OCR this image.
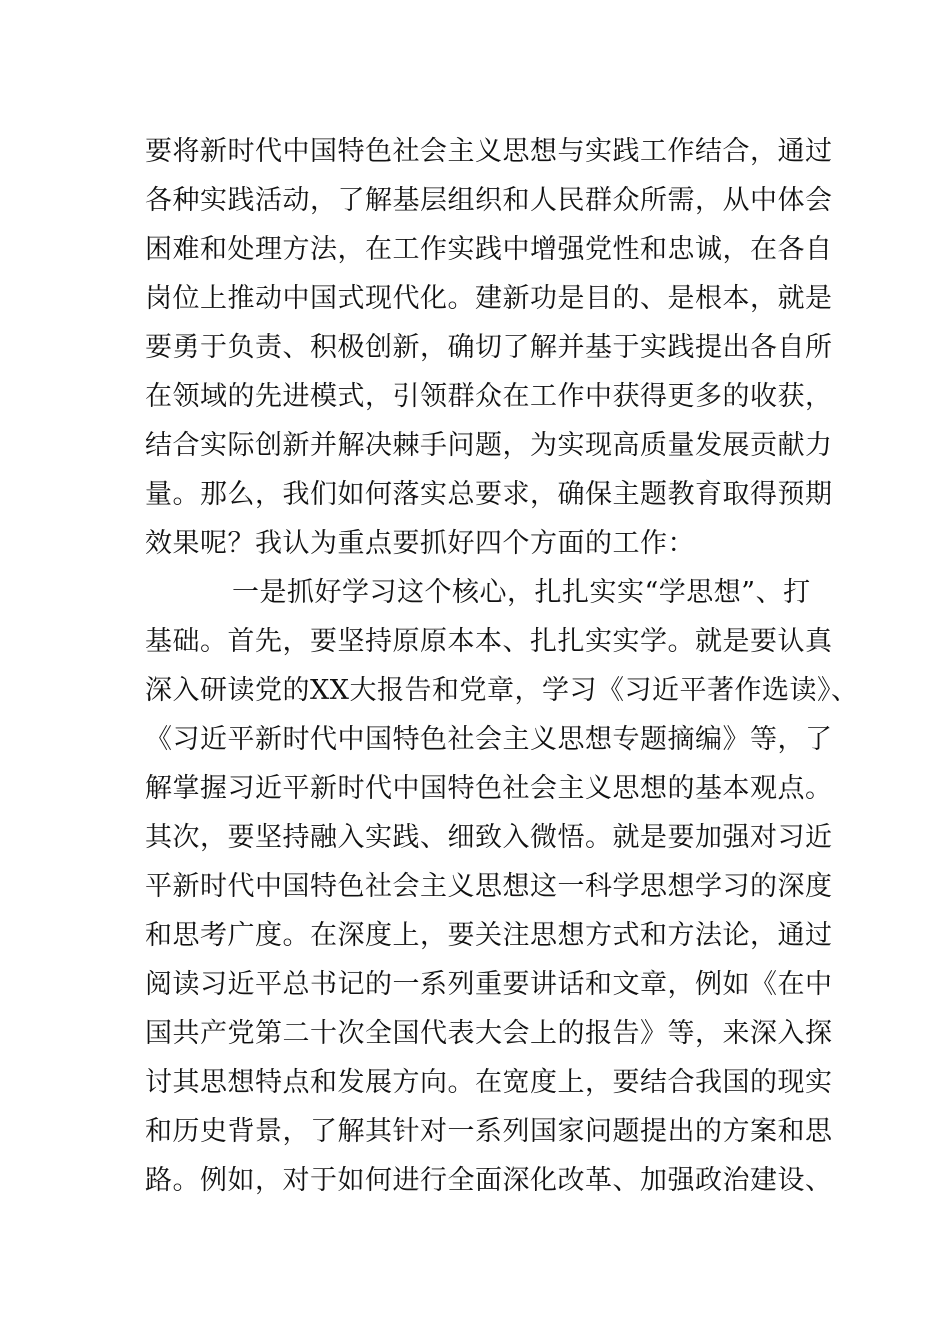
要将新时代中国特色社会主义思想与实践工作结合，通过
各种实践活动，了解基层组织和人民群众所需，从中体会
困难和处理方法，在工作实践中增强党性和忠诚，在各自
岗位上推动中国式现代化。建新功是目的、是根本，就是
要勇于负责、积极创新，确切了解并基于实践提出各自所
在领域的先进模式，引领群众在工作中获得更多的收获，
结合实际创新并解决棘手问题，为实现高质量发展贡献力
量。那么，我们如何落实总要求，确保主题教育取得预期
效果呢？我认为重点要抓好四个方面的工作：
一是抓好学习这个核心，扎扎实实“学思想”、打
基础。首先，要坚持原原本本、扎扎实实学。就是要认真
深入研读党的XX大报告和党章，学习《习近平著作选读》、
《习近平新时代中国特色社会主义思想专题摘编》等，了
解掌握习近平新时代中国特色社会主义思想的基本观点。
其次，要坚持融入实践、细致入微悟。就是要加强对习近
平新时代中国特色社会主义思想这一科学思想学习的深度
和思考广度。在深度上，要关注思想方式和方法论，通过
阅读习近平总书记的一系列重要讲话和文章，例如《在中
国共产党第二十次全国代表大会上的报告》等，来深入探
讨其思想特点和发展方向。在宽度上，要结合我国的现实
和历史背景，了解其针对一系列国家问题提出的方案和思
路。例如，对于如何进行全面深化改革、加强政治建设、
